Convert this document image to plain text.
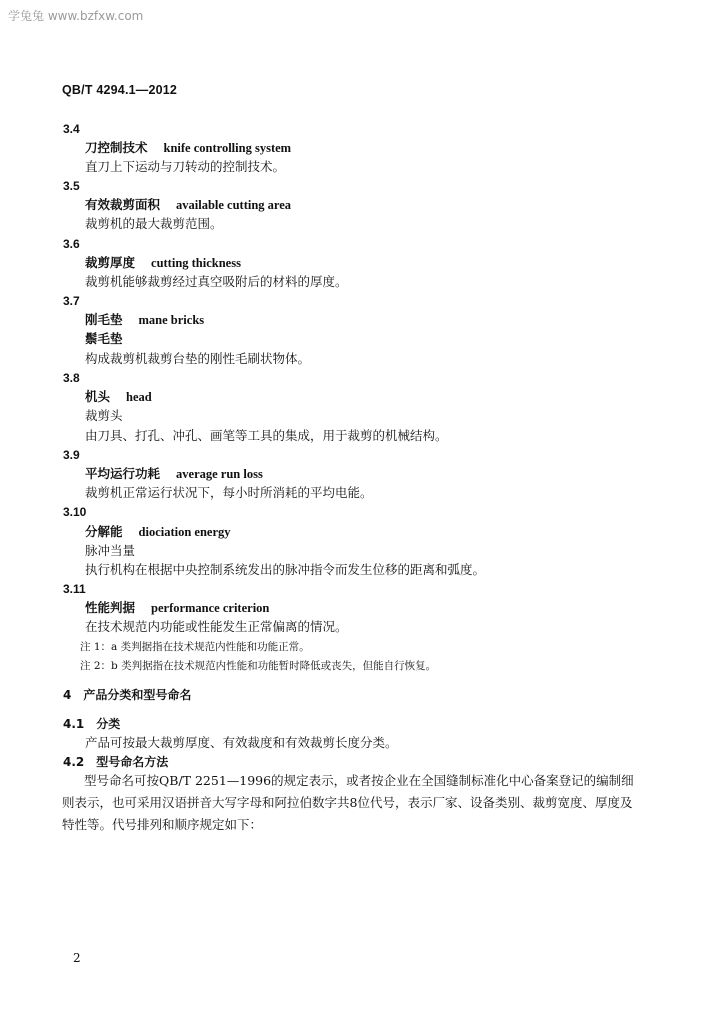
学兔兔 www.bzfxw.com
QB/T 4294.1—2012
3.4
刀控制技术 knife controlling system
直刀上下运动与刀转动的控制技术。
3.5
有效裁剪面积 available cutting area
裁剪机的最大裁剪范围。
3.6
裁剪厚度 cutting thickness
裁剪机能够裁剪经过真空吸附后的材料的厚度。
3.7
刚毛垫 mane bricks
鬃毛垫
构成裁剪机裁剪台垫的刚性毛刷状物体。
3.8
机头 head
裁剪头
由刀具、打孔、冲孔、画笔等工具的集成，用于裁剪的机械结构。
3.9
平均运行功耗 average run loss
裁剪机正常运行状况下，每小时所消耗的平均电能。
3.10
分解能 diociation energy
脉冲当量
执行机构在根据中央控制系统发出的脉冲指令而发生位移的距离和弧度。
3.11
性能判据 performance criterion
在技术规范内功能或性能发生正常偏离的情况。
注 1：a 类判据指在技术规范内性能和功能正常。
注 2：b 类判据指在技术规范内性能和功能暂时降低或丧失，但能自行恢复。
4　产品分类和型号命名
4.1　分类
产品可按最大裁剪厚度、有效裁度和有效裁剪长度分类。
4.2　型号命名方法
型号命名可按QB/T 2251—1996的规定表示，或者按企业在全国缝制标准化中心备案登记的编制细则表示，也可采用汉语拼音大写字母和阿拉伯数字共8位代号，表示厂家、设备类别、裁剪宽度、厚度及特性等。代号排列和顺序规定如下：
2
